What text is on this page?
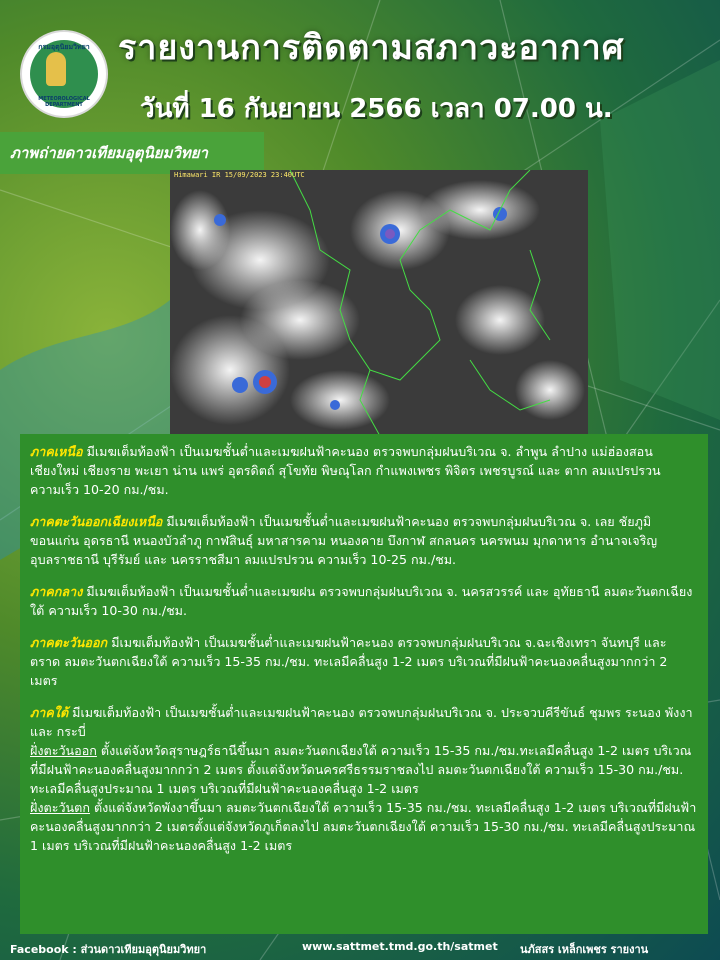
กรมอุตุนิยมวิทยา
METEOROLOGICAL DEPARTMENT
รายงานการติดตามสภาวะอากาศ
วันที่ 16 กันยายน 2566 เวลา 07.00 น.
ภาพถ่ายดาวเทียมอุตุนิยมวิทยา
Himawari IR 15/09/2023 23:40UTC
ภาคเหนือ มีเมฆเต็มท้องฟ้า เป็นเมฆชั้นต่ำและเมฆฝนฟ้าคะนอง ตรวจพบกลุ่มฝนบริเวณ จ. ลำพูน ลำปาง แม่ฮ่องสอน เชียงใหม่ เชียงราย พะเยา น่าน แพร่ อุตรดิตถ์ สุโขทัย พิษณุโลก กำแพงเพชร พิจิตร เพชรบูรณ์ และ ตาก ลมแปรปรวน ความเร็ว 10-20 กม./ชม.
ภาคตะวันออกเฉียงเหนือ มีเมฆเต็มท้องฟ้า เป็นเมฆชั้นต่ำและเมฆฝนฟ้าคะนอง ตรวจพบกลุ่มฝนบริเวณ จ. เลย ชัยภูมิ ขอนแก่น อุดรธานี หนองบัวลำภู กาฬสินธุ์ มหาสารคาม หนองคาย บึงกาฬ สกลนคร นครพนม มุกดาหาร อำนาจเจริญ อุบลราชธานี บุรีรัมย์ และ นครราชสีมา ลมแปรปรวน ความเร็ว 10-25 กม./ชม.
ภาคกลาง มีเมฆเต็มท้องฟ้า เป็นเมฆชั้นต่ำและเมฆฝน ตรวจพบกลุ่มฝนบริเวณ จ. นครสวรรค์ และ อุทัยธานี ลมตะวันตกเฉียงใต้ ความเร็ว 10-30 กม./ชม.
ภาคตะวันออก มีเมฆเต็มท้องฟ้า เป็นเมฆชั้นต่ำและเมฆฝนฟ้าคะนอง ตรวจพบกลุ่มฝนบริเวณ จ.ฉะเชิงเทรา จันทบุรี และ ตราด ลมตะวันตกเฉียงใต้ ความเร็ว 15-35 กม./ชม. ทะเลมีคลื่นสูง 1-2 เมตร บริเวณที่มีฝนฟ้าคะนองคลื่นสูงมากกว่า 2 เมตร
ภาคใต้ มีเมฆเต็มท้องฟ้า เป็นเมฆชั้นต่ำและเมฆฝนฟ้าคะนอง ตรวจพบกลุ่มฝนบริเวณ จ. ประจวบคีรีขันธ์ ชุมพร ระนอง พังงา และ กระบี่
ฝั่งตะวันออก ตั้งแต่จังหวัดสุราษฎร์ธานีขึ้นมา ลมตะวันตกเฉียงใต้ ความเร็ว 15-35 กม./ชม.ทะเลมีคลื่นสูง 1-2 เมตร บริเวณที่มีฝนฟ้าคะนองคลื่นสูงมากกว่า 2 เมตร ตั้งแต่จังหวัดนครศรีธรรมราชลงไป ลมตะวันตกเฉียงใต้ ความเร็ว 15-30 กม./ชม. ทะเลมีคลื่นสูงประมาณ 1 เมตร บริเวณที่มีฝนฟ้าคะนองคลื่นสูง 1-2 เมตร
ฝั่งตะวันตก ตั้งแต่จังหวัดพังงาขึ้นมา ลมตะวันตกเฉียงใต้ ความเร็ว 15-35 กม./ชม. ทะเลมีคลื่นสูง 1-2 เมตร บริเวณที่มีฝนฟ้าคะนองคลื่นสูงมากกว่า 2 เมตรตั้งแต่จังหวัดภูเก็ตลงไป ลมตะวันตกเฉียงใต้ ความเร็ว 15-30 กม./ชม. ทะเลมีคลื่นสูงประมาณ 1 เมตร บริเวณที่มีฝนฟ้าคะนองคลื่นสูง 1-2 เมตร
Facebook : ส่วนดาวเทียมอุตุนิยมวิทยา	www.sattmet.tmd.go.th/satmet นภัสสร เหล็กเพชร รายงาน
